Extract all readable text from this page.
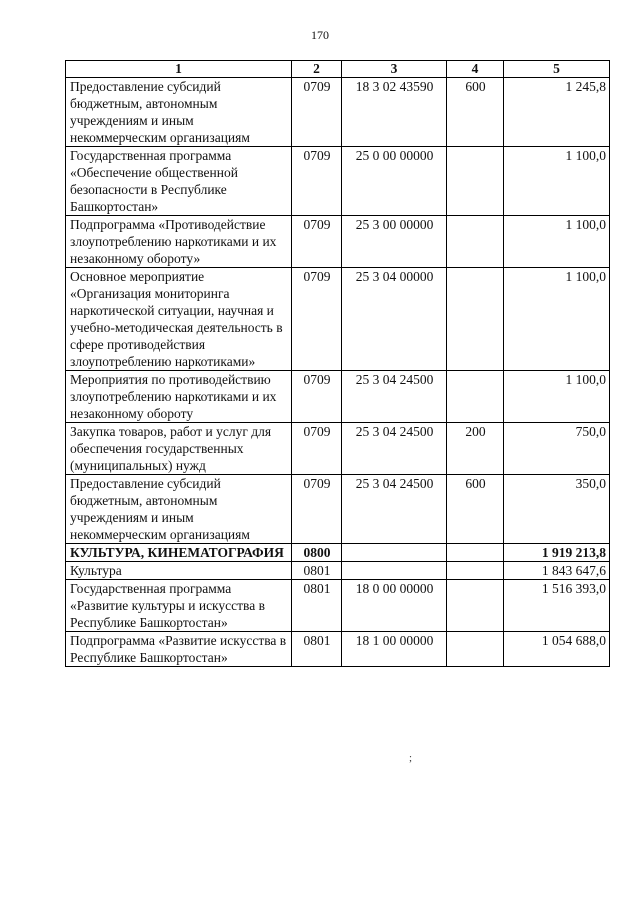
170
1	2	3	4	5
Предоставление субсидий бюджетным, автономным учреждениям и иным некоммерческим организациям	0709	18 3 02 43590	600	1 245,8
Государственная программа «Обеспечение общественной безопасности в Республике Башкортостан»	0709	25 0 00 00000		1 100,0
Подпрограмма «Противодействие злоупотреблению наркотиками и их незаконному обороту»	0709	25 3 00 00000		1 100,0
Основное мероприятие «Организация мониторинга наркотической ситуации, научная и учебно-методическая деятельность в сфере противодействия злоупотреблению наркотиками»	0709	25 3 04 00000		1 100,0
Мероприятия по противодействию злоупотреблению наркотиками и их незаконному обороту	0709	25 3 04 24500		1 100,0
Закупка товаров, работ и услуг для обеспечения государственных (муниципальных) нужд	0709	25 3 04 24500	200	750,0
Предоставление субсидий бюджетным, автономным учреждениям и иным некоммерческим организациям	0709	25 3 04 24500	600	350,0
КУЛЬТУРА, КИНЕМАТОГРАФИЯ	0800			1 919 213,8
Культура	0801			1 843 647,6
Государственная программа «Развитие культуры и искусства в Республике Башкортостан»	0801	18 0 00 00000		1 516 393,0
Подпрограмма «Развитие искусства в Республике Башкортостан»	0801	18 1 00 00000		1 054 688,0
;
